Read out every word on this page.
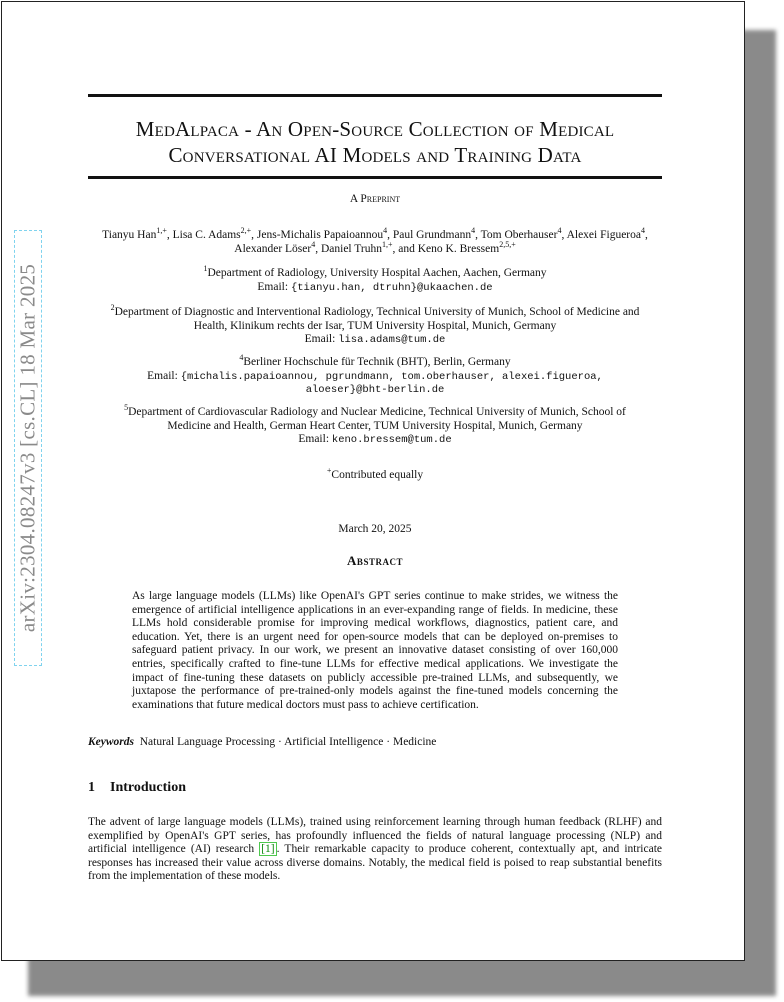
arXiv:2304.08247v3 [cs.CL] 18 Mar 2025
MedAlpaca - An Open-Source Collection of Medical
Conversational AI Models and Training Data
A Preprint
Tianyu Han$^{1,+}$, Lisa C. Adams$^{2,+}$, Jens-Michalis Papaioannou$^4$, Paul Grundmann$^4$, Tom Oberhauser$^4$, Alexei Figueroa$^4$, Alexander Löser$^4$, Daniel Truhn$^{1,+}$, and Keno K. Bressem$^{2,5,+}$
$^1$Department of Radiology, University Hospital Aachen, Aachen, Germany
Email: {tianyu.han, dtruhn}@ukaachen.de
$^2$Department of Diagnostic and Interventional Radiology, Technical University of Munich, School of Medicine and
Health, Klinikum rechts der Isar, TUM University Hospital, Munich, Germany
Email: lisa.adams@tum.de
$^4$Berliner Hochschule für Technik (BHT), Berlin, Germany
Email: {michalis.papaioannou, pgrundmann, tom.oberhauser, alexei.figueroa,
aloeser}@bht-berlin.de
$^5$Department of Cardiovascular Radiology and Nuclear Medicine, Technical University of Munich, School of
Medicine and Health, German Heart Center, TUM University Hospital, Munich, Germany
Email: keno.bressem@tum.de
+Contributed equally
March 20, 2025
Abstract
As large language models (LLMs) like OpenAI's GPT series continue to make strides, we witness the emergence of artificial intelligence applications in an ever-expanding range of fields. In medicine, these LLMs hold considerable promise for improving medical workflows, diagnostics, patient care, and education. Yet, there is an urgent need for open-source models that can be deployed on-premises to safeguard patient privacy. In our work, we present an innovative dataset consisting of over 160,000 entries, specifically crafted to fine-tune LLMs for effective medical applications. We investigate the impact of fine-tuning these datasets on publicly accessible pre-trained LLMs, and subsequently, we juxtapose the performance of pre-trained-only models against the fine-tuned models concerning the examinations that future medical doctors must pass to achieve certification.
Keywords Natural Language Processing · Artificial Intelligence · Medicine
1 Introduction
The advent of large language models (LLMs), trained using reinforcement learning through human feedback (RLHF) and exemplified by OpenAI's GPT series, has profoundly influenced the fields of natural language processing (NLP) and artificial intelligence (AI) research [1] . Their remarkable capacity to produce coherent, contextually apt, and intricate responses has increased their value across diverse domains. Notably, the medical field is poised to reap substantial benefits from the implementation of these models.
